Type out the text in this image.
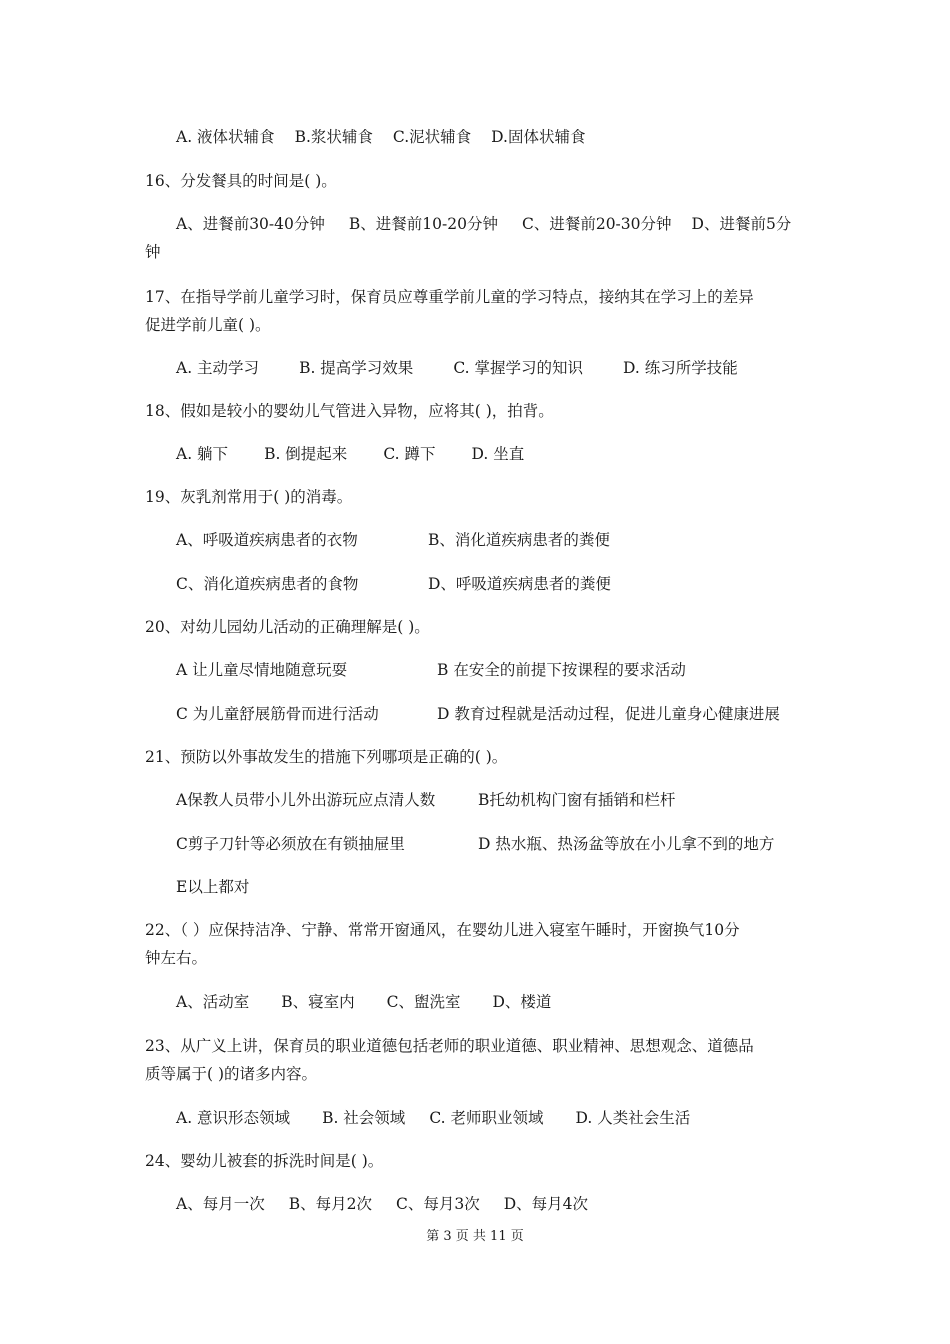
A. 液体状辅食 B.浆状辅食 C.泥状辅食 D.固体状辅食
16、分发餐具的时间是( )。
A、进餐前30-40分钟 B、进餐前10-20分钟 C、进餐前20-30分钟 D、进餐前5分
钟
17、在指导学前儿童学习时，保育员应尊重学前儿童的学习特点，接纳其在学习上的差异
促进学前儿童( )。
A. 主动学习	B. 提高学习效果	C. 掌握学习的知识	D. 练习所学技能
18、假如是较小的婴幼儿气管进入异物，应将其( )，拍背。
A. 躺下 B. 倒提起来 C. 蹲下 D. 坐直
19、灰乳剂常用于( )的消毒。
A、呼吸道疾病患者的衣物	B、消化道疾病患者的粪便
C、消化道疾病患者的食物	D、呼吸道疾病患者的粪便
20、对幼儿园幼儿活动的正确理解是( )。
A 让儿童尽情地随意玩耍	B 在安全的前提下按课程的要求活动
C 为儿童舒展筋骨而进行活动	D 教育过程就是活动过程，促进儿童身心健康进展
21、预防以外事故发生的措施下列哪项是正确的( )。
A保教人员带小儿外出游玩应点清人数	B托幼机构门窗有插销和栏杆
C剪子刀针等必须放在有锁抽屉里	D 热水瓶、热汤盆等放在小儿拿不到的地方
E以上都对
22、（ ）应保持洁净、宁静、常常开窗通风，在婴幼儿进入寝室午睡时，开窗换气10分
钟左右。
A、活动室 B、寝室内 C、盥洗室 D、楼道
23、从广义上讲，保育员的职业道德包括老师的职业道德、职业精神、思想观念、道德品
质等属于( )的诸多内容。
A. 意识形态领域 B. 社会领域 C. 老师职业领域 D. 人类社会生活
24、婴幼儿被套的拆洗时间是( )。
A、每月一次 B、每月2次 C、每月3次 D、每月4次
第 3 页 共 11 页
